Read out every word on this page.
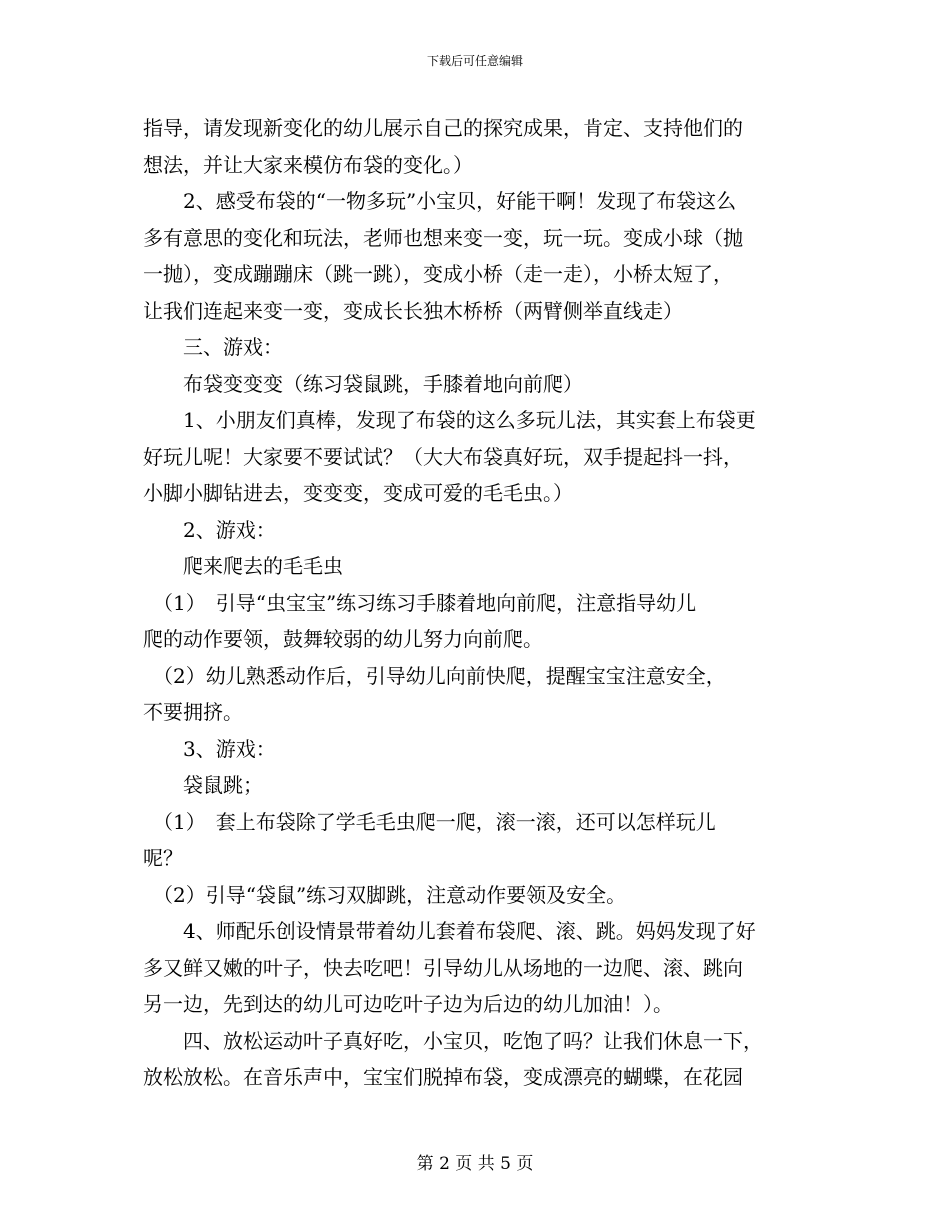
下载后可任意编辑

指导，请发现新变化的幼儿展示自己的探究成果，肯定、支持他们的

想法，并让大家来模仿布袋的变化。）

　　2、感受布袋的“一物多玩”小宝贝，好能干啊！发现了布袋这么

多有意思的变化和玩法，老师也想来变一变，玩一玩。变成小球（抛

一抛），变成蹦蹦床（跳一跳），变成小桥（走一走），小桥太短了，

让我们连起来变一变，变成长长独木桥桥（两臂侧举直线走）

　　三、游戏：

　　布袋变变变（练习袋鼠跳，手膝着地向前爬）

　　1、小朋友们真棒，发现了布袋的这么多玩儿法，其实套上布袋更

好玩儿呢！大家要不要试试？（大大布袋真好玩，双手提起抖一抖，

小脚小脚钻进去，变变变，变成可爱的毛毛虫。）

　　2、游戏：

　　爬来爬去的毛毛虫

　（1）　引导“虫宝宝”练习练习手膝着地向前爬，注意指导幼儿

爬的动作要领，鼓舞较弱的幼儿努力向前爬。

　（2）幼儿熟悉动作后，引导幼儿向前快爬，提醒宝宝注意安全，

不要拥挤。

　　3、游戏：

　　袋鼠跳；

　（1）　套上布袋除了学毛毛虫爬一爬，滚一滚，还可以怎样玩儿

呢？

　（2）引导“袋鼠”练习双脚跳，注意动作要领及安全。

　　4、师配乐创设情景带着幼儿套着布袋爬、滚、跳。妈妈发现了好

多又鲜又嫩的叶子，快去吃吧！引导幼儿从场地的一边爬、滚、跳向

另一边，先到达的幼儿可边吃叶子边为后边的幼儿加油！）。

　　四、放松运动叶子真好吃，小宝贝，吃饱了吗？让我们休息一下，

放松放松。在音乐声中，宝宝们脱掉布袋，变成漂亮的蝴蝶，在花园

第 2 页 共 5 页
